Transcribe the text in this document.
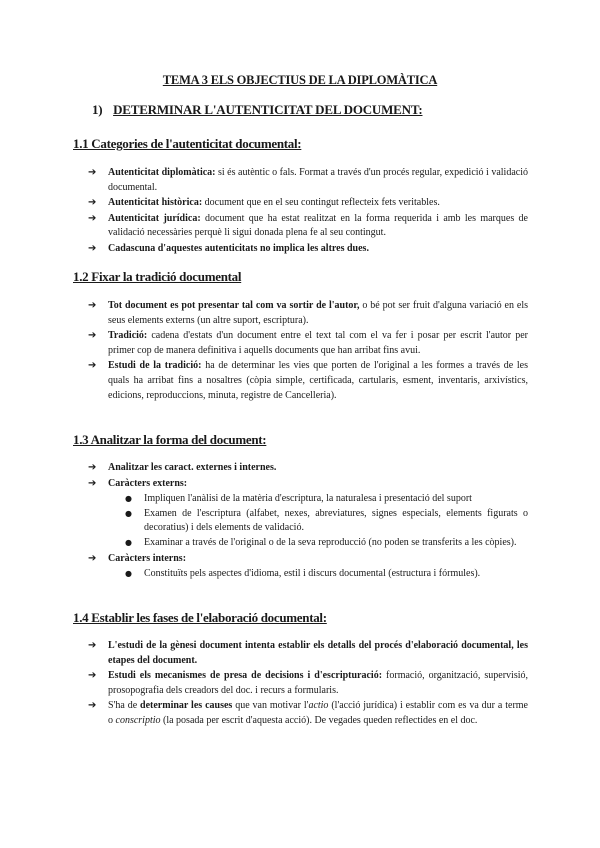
TEMA 3 ELS OBJECTIUS DE LA DIPLOMÀTICA
1) DETERMINAR L'AUTENTICITAT DEL DOCUMENT:
1.1 Categories de l'autenticitat documental:
➔ Autenticitat diplomàtica: si és autèntic o fals. Format a través d'un procés regular, expedició i validació documental.
➔ Autenticitat històrica: document que en el seu contingut reflecteix fets veritables.
➔ Autenticitat jurídica: document que ha estat realitzat en la forma requerida i amb les marques de validació necessàries perquè li sigui donada plena fe al seu contingut.
➔ Cadascuna d'aquestes autenticitats no implica les altres dues.
1.2 Fixar la tradició documental
➔ Tot document es pot presentar tal com va sortir de l'autor, o bé pot ser fruit d'alguna variació en els seus elements externs (un altre suport, escriptura).
➔ Tradició: cadena d'estats d'un document entre el text tal com el va fer i posar per escrit l'autor per primer cop de manera definitiva i aquells documents que han arribat fins avui.
➔ Estudi de la tradició: ha de determinar les vies que porten de l'original a les formes a través de les quals ha arribat fins a nosaltres (còpia simple, certificada, cartularis, esment, inventaris, arxivístics, edicions, reproduccions, minuta, registre de Cancelleria).
1.3 Analitzar la forma del document:
➔ Analitzar les caract. externes i internes.
➔ Caràcters externs:
● Impliquen l'anàlisi de la matèria d'escriptura, la naturalesa i presentació del suport
● Examen de l'escriptura (alfabet, nexes, abreviatures, signes especials, elements figurats o decoratius) i dels elements de validació.
● Examinar a través de l'original o de la seva reproducció (no poden se transferits a les còpies).
➔ Caràcters interns:
● Constituïts pels aspectes d'idioma, estil i discurs documental (estructura i fórmules).
1.4 Establir les fases de l'elaboració documental:
➔ L'estudi de la gènesi document intenta establir els detalls del procés d'elaboració documental, les etapes del document.
➔ Estudi els mecanismes de presa de decisions i d'escripturació: formació, organització, supervisió, prosopografia dels creadors del doc. i recurs a formularis.
➔ S'ha de determinar les causes que van motivar l'actio (l'acció jurídica) i establir com es va dur a terme o conscriptio (la posada per escrit d'aquesta acció). De vegades queden reflectides en el doc.
